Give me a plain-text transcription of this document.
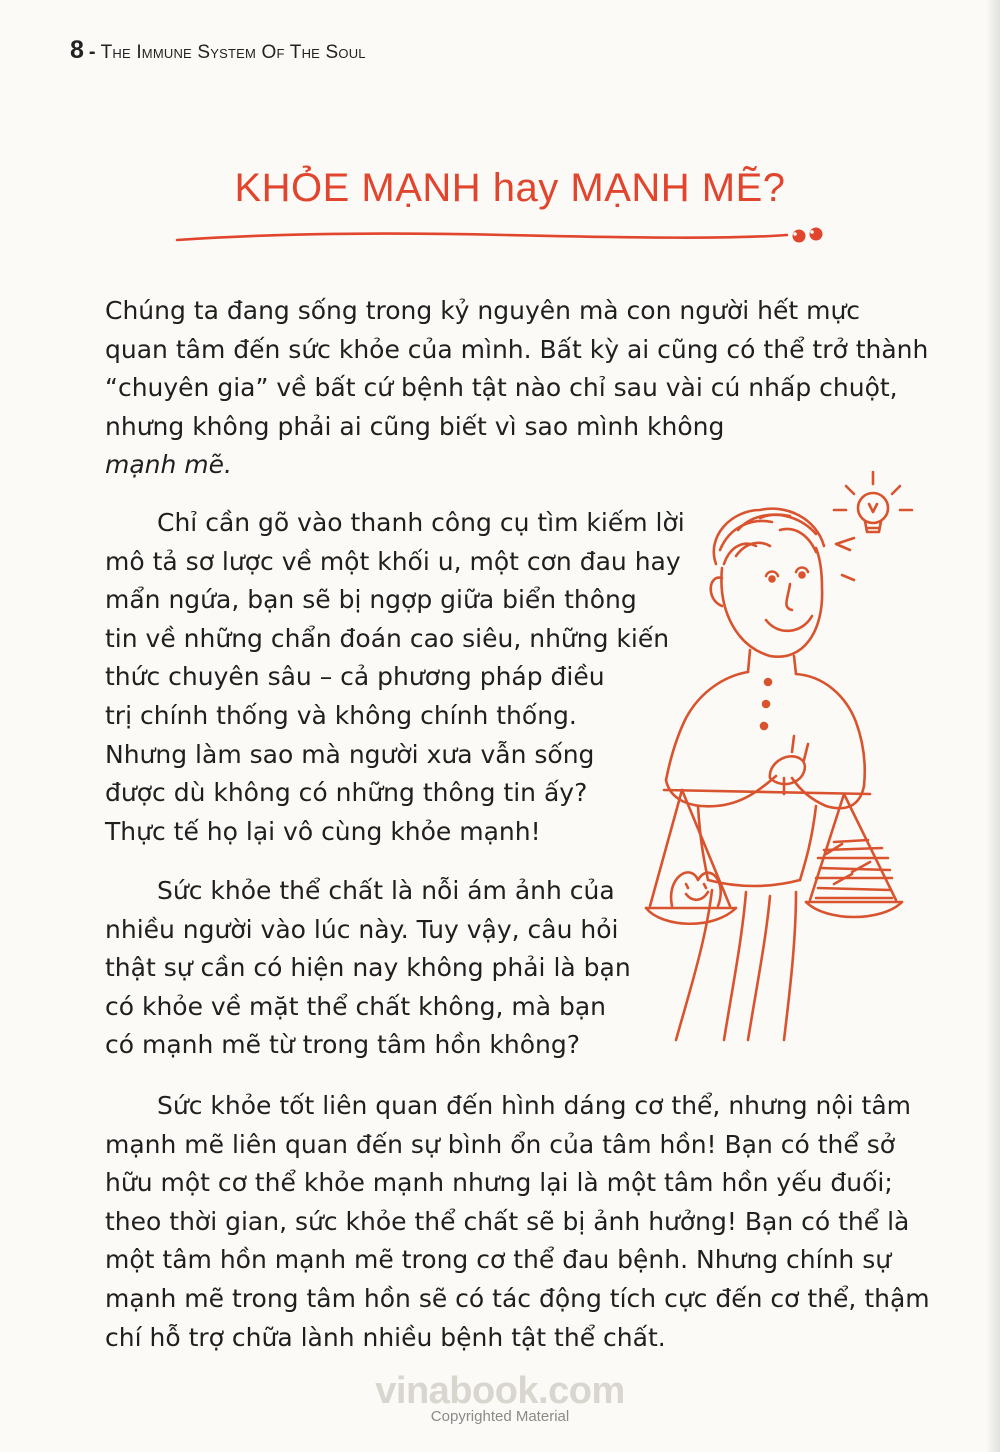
8 - The Immune System Of The Soul
KHỎE MẠNH hay MẠNH MẼ?
Chúng ta đang sống trong kỷ nguyên mà con người hết mực
quan tâm đến sức khỏe của mình. Bất kỳ ai cũng có thể trở thành
“chuyên gia” về bất cứ bệnh tật nào chỉ sau vài cú nhấp chuột,
nhưng không phải ai cũng biết vì sao mình không
mạnh mẽ.
Chỉ cần gõ vào thanh công cụ tìm kiếm lời
mô tả sơ lược về một khối u, một cơn đau hay
mẩn ngứa, bạn sẽ bị ngợp giữa biển thông
tin về những chẩn đoán cao siêu, những kiến
thức chuyên sâu – cả phương pháp điều
trị chính thống và không chính thống.
Nhưng làm sao mà người xưa vẫn sống
được dù không có những thông tin ấy?
Thực tế họ lại vô cùng khỏe mạnh!
Sức khỏe thể chất là nỗi ám ảnh của
nhiều người vào lúc này. Tuy vậy, câu hỏi
thật sự cần có hiện nay không phải là bạn
có khỏe về mặt thể chất không, mà bạn
có mạnh mẽ từ trong tâm hồn không?
Sức khỏe tốt liên quan đến hình dáng cơ thể, nhưng nội tâm
mạnh mẽ liên quan đến sự bình ổn của tâm hồn! Bạn có thể sở
hữu một cơ thể khỏe mạnh nhưng lại là một tâm hồn yếu đuối;
theo thời gian, sức khỏe thể chất sẽ bị ảnh hưởng! Bạn có thể là
một tâm hồn mạnh mẽ trong cơ thể đau bệnh. Nhưng chính sự
mạnh mẽ trong tâm hồn sẽ có tác động tích cực đến cơ thể, thậm
chí hỗ trợ chữa lành nhiều bệnh tật thể chất.
vinabook.com
Copyrighted Material
